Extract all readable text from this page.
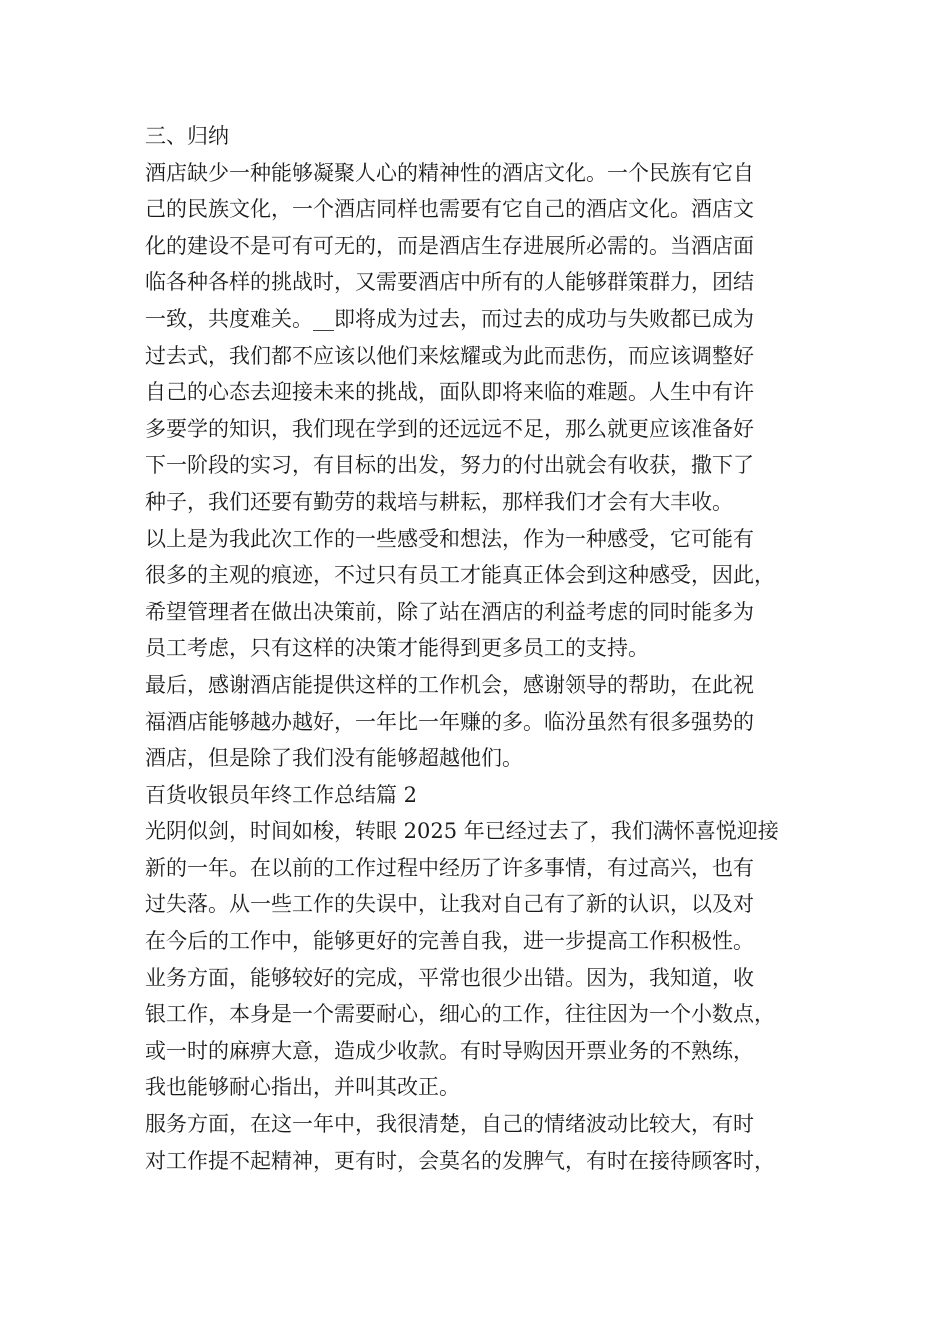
三、归纳
酒店缺少一种能够凝聚人心的精神性的酒店文化。一个民族有它自
己的民族文化，一个酒店同样也需要有它自己的酒店文化。酒店文
化的建设不是可有可无的，而是酒店生存进展所必需的。当酒店面
临各种各样的挑战时，又需要酒店中所有的人能够群策群力，团结
一致，共度难关。__即将成为过去，而过去的成功与失败都已成为
过去式，我们都不应该以他们来炫耀或为此而悲伤，而应该调整好
自己的心态去迎接未来的挑战，面队即将来临的难题。人生中有许
多要学的知识，我们现在学到的还远远不足，那么就更应该准备好
下一阶段的实习，有目标的出发，努力的付出就会有收获，撒下了
种子，我们还要有勤劳的栽培与耕耘，那样我们才会有大丰收。
以上是为我此次工作的一些感受和想法，作为一种感受，它可能有
很多的主观的痕迹，不过只有员工才能真正体会到这种感受，因此，
希望管理者在做出决策前，除了站在酒店的利益考虑的同时能多为
员工考虑，只有这样的决策才能得到更多员工的支持。
最后，感谢酒店能提供这样的工作机会，感谢领导的帮助，在此祝
福酒店能够越办越好，一年比一年赚的多。临汾虽然有很多强势的
酒店，但是除了我们没有能够超越他们。
百货收银员年终工作总结篇 2
光阴似剑，时间如梭，转眼 2025 年已经过去了，我们满怀喜悦迎接
新的一年。在以前的工作过程中经历了许多事情，有过高兴，也有
过失落。从一些工作的失误中，让我对自己有了新的认识，以及对
在今后的工作中，能够更好的完善自我，进一步提高工作积极性。
业务方面，能够较好的完成，平常也很少出错。因为，我知道，收
银工作，本身是一个需要耐心，细心的工作，往往因为一个小数点，
或一时的麻痹大意，造成少收款。有时导购因开票业务的不熟练，
我也能够耐心指出，并叫其改正。
服务方面，在这一年中，我很清楚，自己的情绪波动比较大，有时
对工作提不起精神，更有时，会莫名的发脾气，有时在接待顾客时，
